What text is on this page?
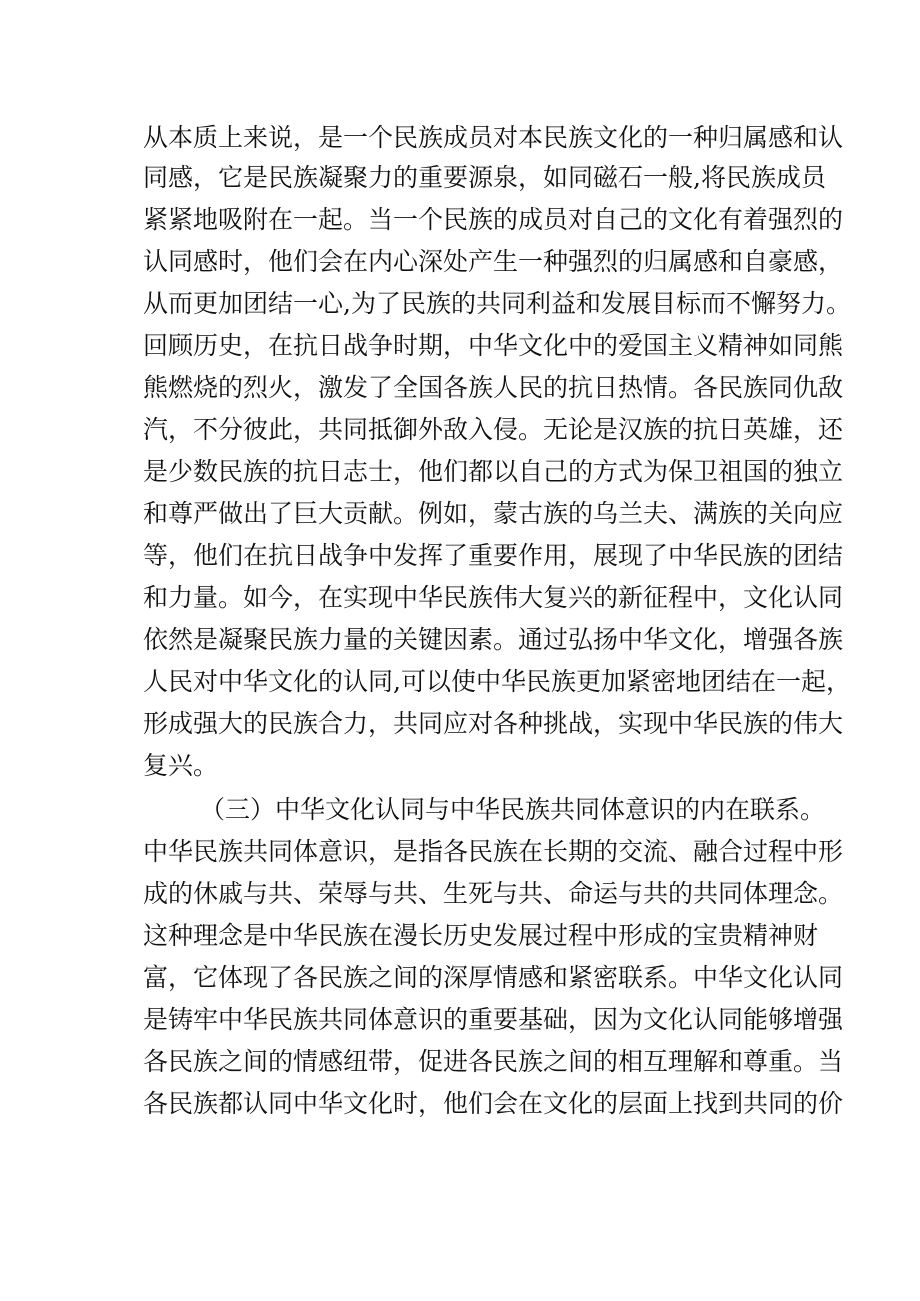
从本质上来说，是一个民族成员对本民族文化的一种归属感和认
同感，它是民族凝聚力的重要源泉，如同磁石一般,将民族成员
紧紧地吸附在一起。当一个民族的成员对自己的文化有着强烈的
认同感时，他们会在内心深处产生一种强烈的归属感和自豪感，
从而更加团结一心,为了民族的共同利益和发展目标而不懈努力。
回顾历史，在抗日战争时期，中华文化中的爱国主义精神如同熊
熊燃烧的烈火，激发了全国各族人民的抗日热情。各民族同仇敌
汽，不分彼此，共同抵御外敌入侵。无论是汉族的抗日英雄，还
是少数民族的抗日志士，他们都以自己的方式为保卫祖国的独立
和尊严做出了巨大贡献。例如，蒙古族的乌兰夫、满族的关向应
等，他们在抗日战争中发挥了重要作用，展现了中华民族的团结
和力量。如今，在实现中华民族伟大复兴的新征程中，文化认同
依然是凝聚民族力量的关键因素。通过弘扬中华文化，增强各族
人民对中华文化的认同,可以使中华民族更加紧密地团结在一起，
形成强大的民族合力，共同应对各种挑战，实现中华民族的伟大
复兴。
（三）中华文化认同与中华民族共同体意识的内在联系。
中华民族共同体意识，是指各民族在长期的交流、融合过程中形
成的休戚与共、荣辱与共、生死与共、命运与共的共同体理念。
这种理念是中华民族在漫长历史发展过程中形成的宝贵精神财
富，它体现了各民族之间的深厚情感和紧密联系。中华文化认同
是铸牢中华民族共同体意识的重要基础，因为文化认同能够增强
各民族之间的情感纽带，促进各民族之间的相互理解和尊重。当
各民族都认同中华文化时，他们会在文化的层面上找到共同的价
